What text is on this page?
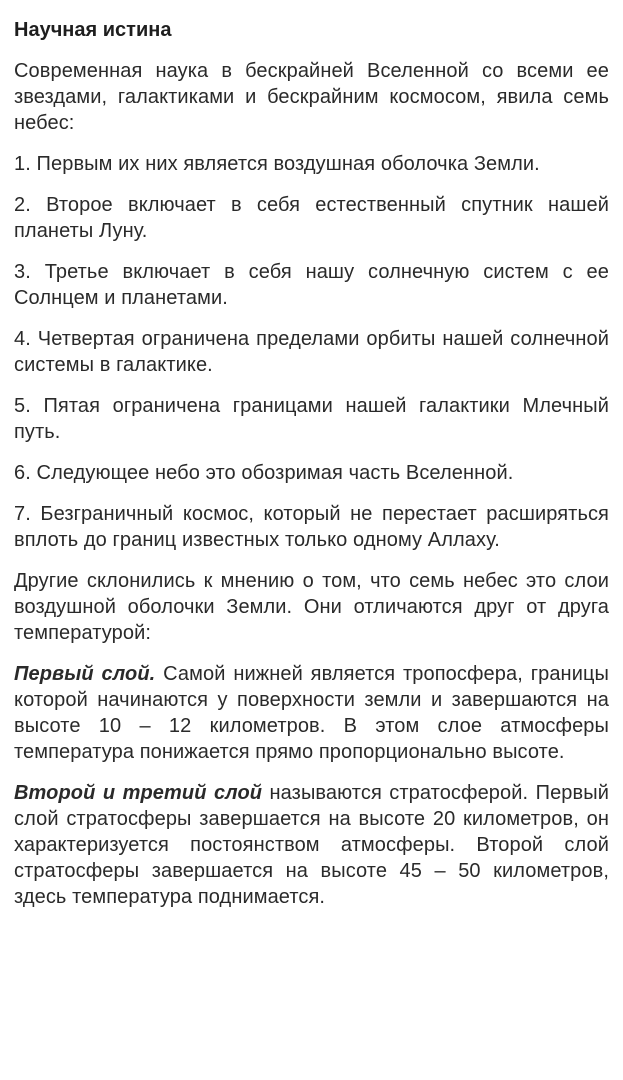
Научная истина

Современная наука в бескрайней Вселенной со всеми ее звездами, галактиками и бескрайним космосом, явила семь небес:

1. Первым их них является воздушная оболочка Земли.

2. Второе включает в себя естественный спутник нашей планеты Луну.

3. Третье включает в себя нашу солнечную систем с ее Солнцем и планетами.

4. Четвертая ограничена пределами орбиты нашей солнечной системы в галактике.

5. Пятая ограничена границами нашей галактики Млечный путь.

6. Следующее небо это обозримая часть Вселенной.

7. Безграничный космос, который не перестает расширяться вплоть до границ известных только одному Аллаху.

Другие склонились к мнению о том, что семь небес это слои воздушной оболочки Земли. Они отличаются друг от друга температурой:

Первый слой. Самой нижней является тропосфера, границы которой начинаются у поверхности земли и завершаются на высоте 10 – 12 километров. В этом слое атмосферы температура понижается прямо пропорционально высоте.

Второй и третий слой называются стратосферой. Первый слой стратосферы завершается на высоте 20 километров, он характеризуется постоянством атмосферы. Второй слой стратосферы завершается на высоте 45 – 50 километров, здесь температура поднимается.
